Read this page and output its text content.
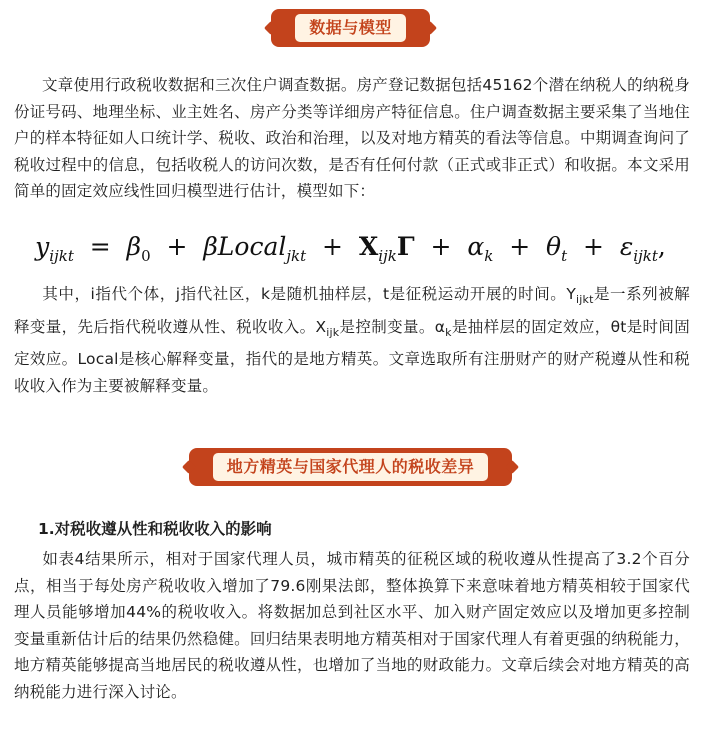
数据与模型
文章使用行政税收数据和三次住户调查数据。房产登记数据包括45162个潜在纳税人的纳税身份证号码、地理坐标、业主姓名、房产分类等详细房产特征信息。住户调查数据主要采集了当地住户的样本特征如人口统计学、税收、政治和治理，以及对地方精英的看法等信息。中期调查询问了税收过程中的信息，包括收税人的访问次数，是否有任何付款（正式或非正式）和收据。本文采用简单的固定效应线性回归模型进行估计，模型如下：
$y_{ijkt} = \beta_0$  +  βLocal$_{jkt}$  +  $X_{ijk}\Gamma + \alpha_k + \theta_t + \varepsilon_{ijkt}$,
其中，i指代个体，j指代社区，k是随机抽样层，t是征税运动开展的时间。$Y_{ijkt}$是一系列被解释变量，先后指代税收遵从性、税收收入。$X_{ijk}$是控制变量。$\alpha_k$是抽样层的固定效应，θt是时间固定效应。Local是核心解释变量，指代的是地方精英。文章选取所有注册财产的财产税遵从性和税收收入作为主要被解释变量。
地方精英与国家代理人的税收差异
1.对税收遵从性和税收收入的影响
如表4结果所示，相对于国家代理人员，城市精英的征税区域的税收遵从性提高了3.2个百分点，相当于每处房产税收收入增加了79.6刚果法郎，整体换算下来意味着地方精英相较于国家代理人员能够增加44%的税收收入。将数据加总到社区水平、加入财产固定效应以及增加更多控制变量重新估计后的结果仍然稳健。回归结果表明地方精英相对于国家代理人有着更强的纳税能力，地方精英能够提高当地居民的税收遵从性，也增加了当地的财政能力。文章后续会对地方精英的高纳税能力进行深入讨论。
